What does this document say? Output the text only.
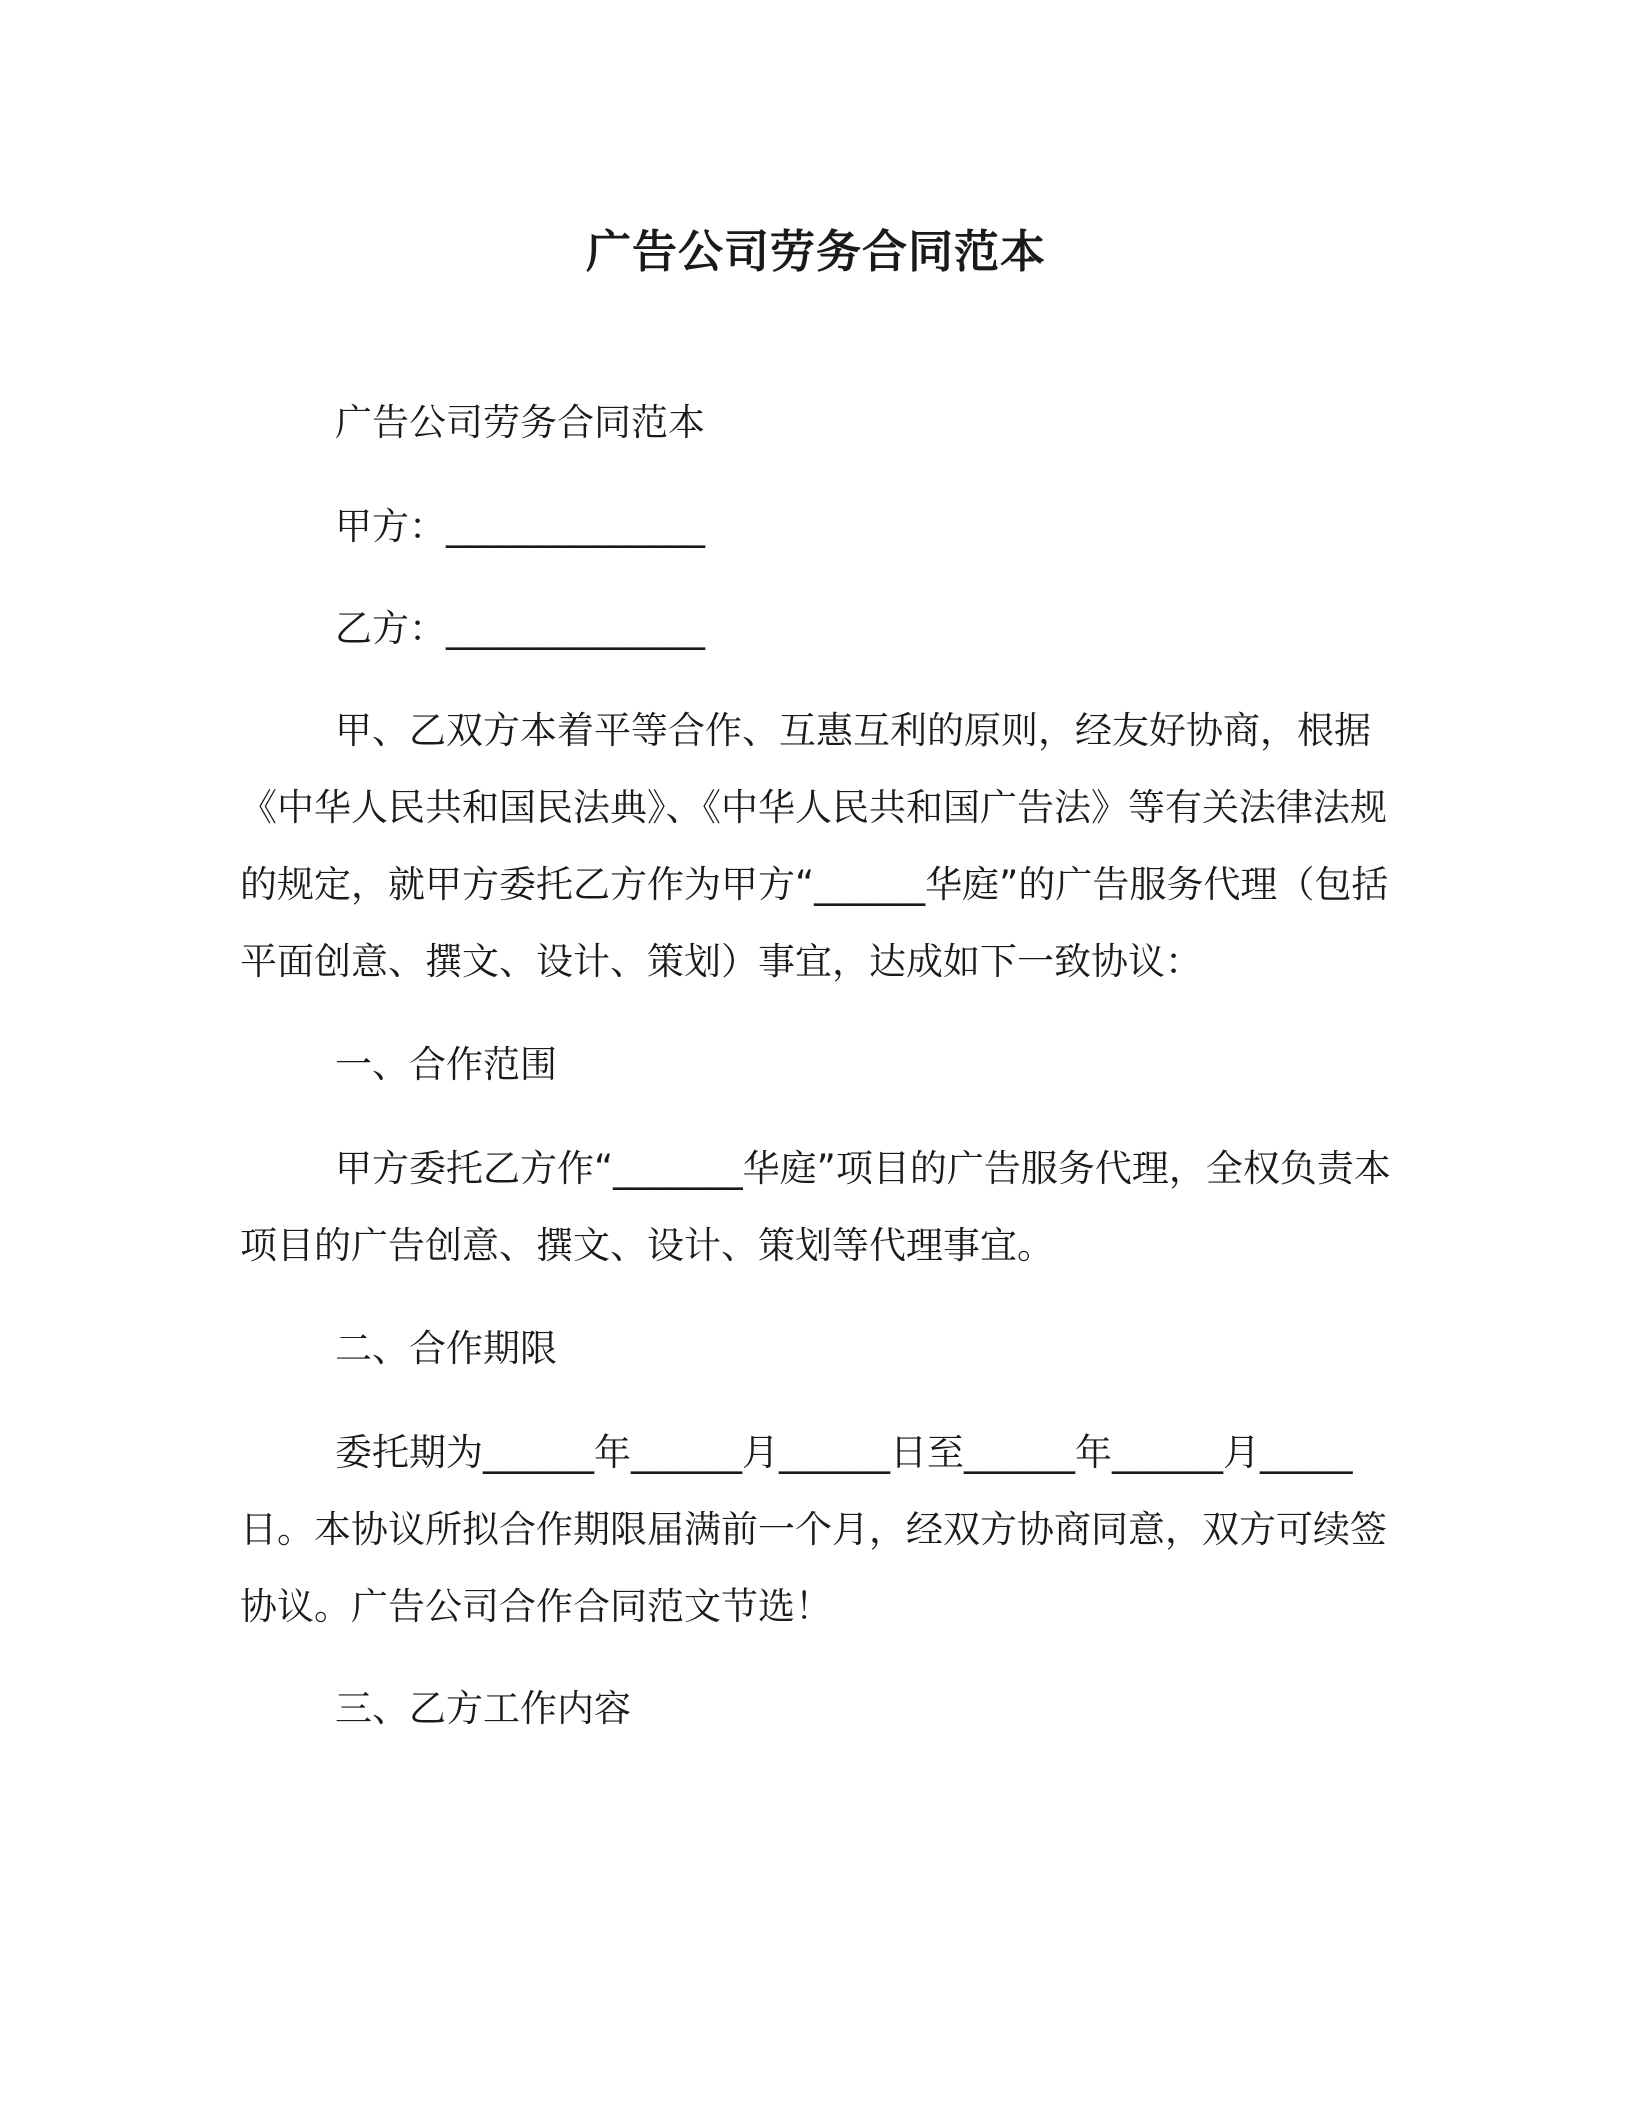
广告公司劳务合同范本

广告公司劳务合同范本

甲方：______________

乙方：______________

甲、乙双方本着平等合作、互惠互利的原则，经友好协商，根据《中华人民共和国民法典》、《中华人民共和国广告法》等有关法律法规的规定，就甲方委托乙方作为甲方“______华庭”的广告服务代理（包括平面创意、撰文、设计、策划）事宜，达成如下一致协议：

一、合作范围

甲方委托乙方作“_______华庭”项目的广告服务代理，全权负责本项目的广告创意、撰文、设计、策划等代理事宜。

二、合作期限

委托期为______年______月______日至______年______月_____日。本协议所拟合作期限届满前一个月，经双方协商同意，双方可续签协议。广告公司合作合同范文节选！

三、乙方工作内容
